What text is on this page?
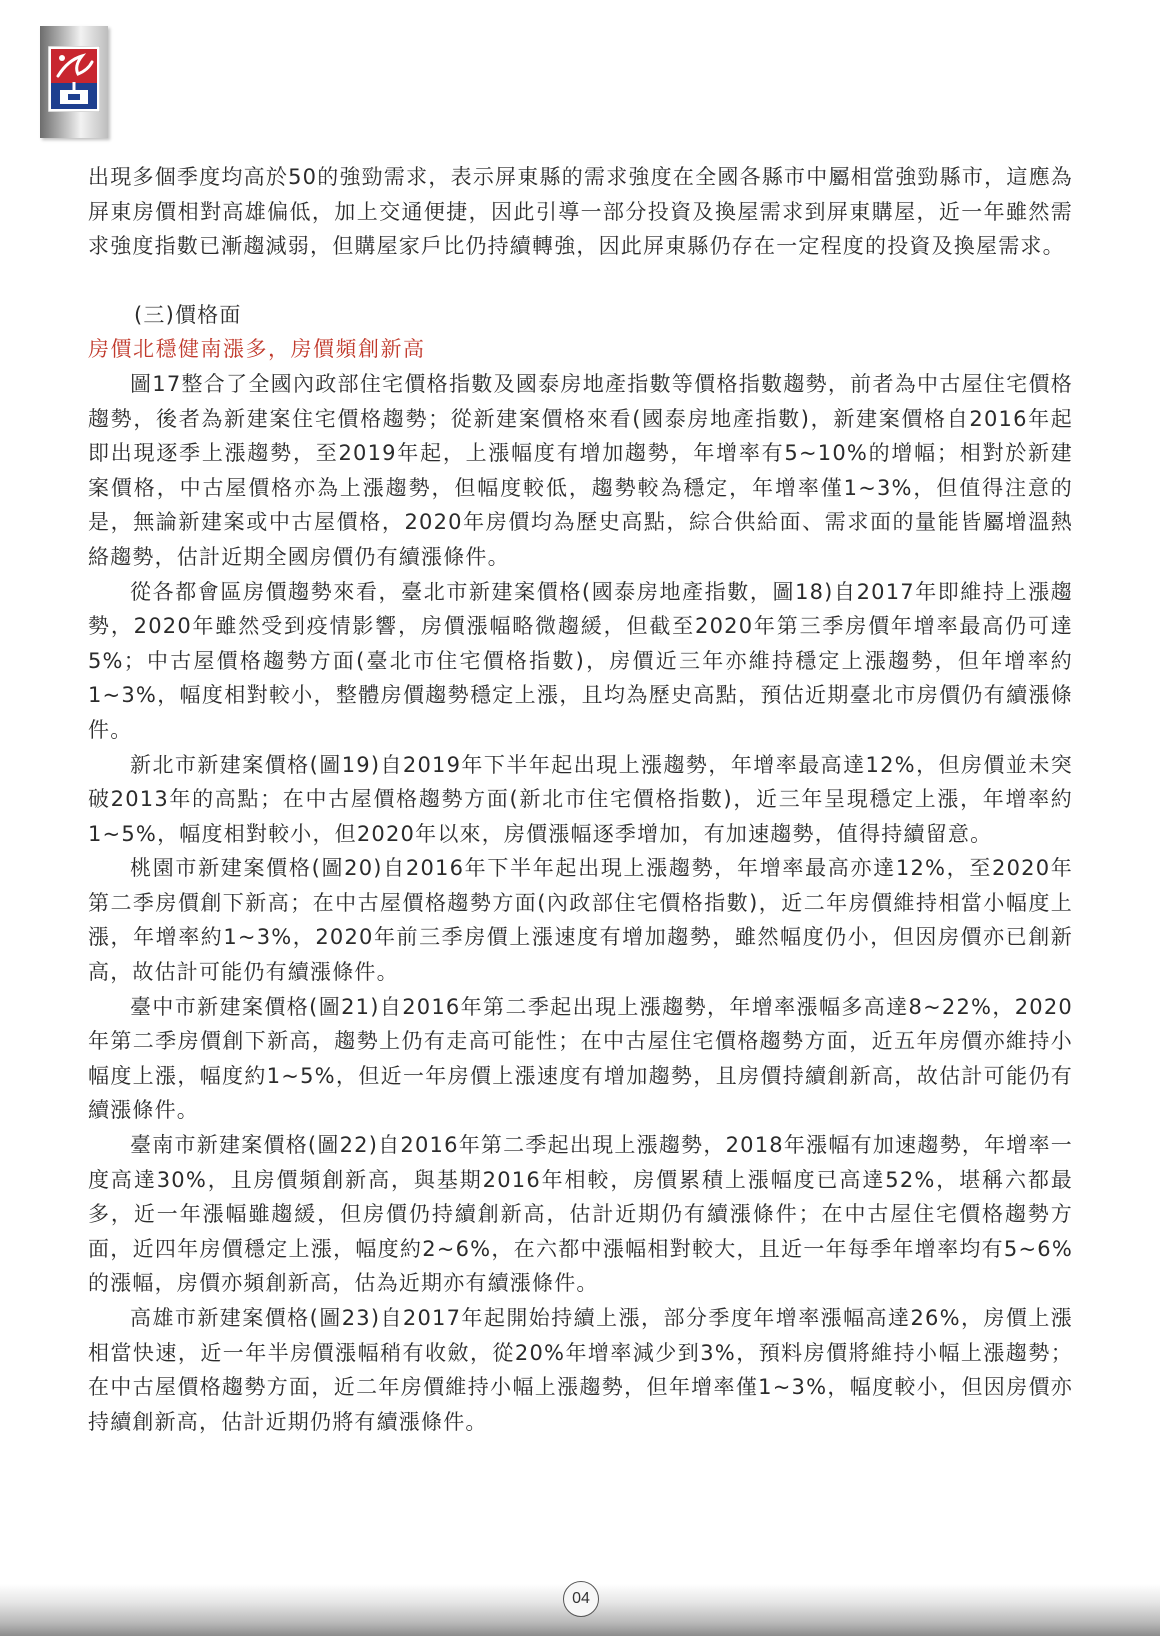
出現多個季度均高於50的強勁需求，表示屏東縣的需求強度在全國各縣市中屬相當強勁縣市，這應為屏東房價相對高雄偏低，加上交通便捷，因此引導一部分投資及換屋需求到屏東購屋，近一年雖然需求強度指數已漸趨減弱，但購屋家戶比仍持續轉強，因此屏東縣仍存在一定程度的投資及換屋需求。

(三)價格面

房價北穩健南漲多，房價頻創新高

圖17整合了全國內政部住宅價格指數及國泰房地產指數等價格指數趨勢，前者為中古屋住宅價格趨勢，後者為新建案住宅價格趨勢；從新建案價格來看(國泰房地產指數)，新建案價格自2016年起即出現逐季上漲趨勢，至2019年起，上漲幅度有增加趨勢，年增率有5~10%的增幅；相對於新建案價格，中古屋價格亦為上漲趨勢，但幅度較低，趨勢較為穩定，年增率僅1~3%，但值得注意的是，無論新建案或中古屋價格，2020年房價均為歷史高點，綜合供給面、需求面的量能皆屬增溫熱絡趨勢，估計近期全國房價仍有續漲條件。

從各都會區房價趨勢來看，臺北市新建案價格(國泰房地產指數，圖18)自2017年即維持上漲趨勢，2020年雖然受到疫情影響，房價漲幅略微趨緩，但截至2020年第三季房價年增率最高仍可達5%；中古屋價格趨勢方面(臺北市住宅價格指數)，房價近三年亦維持穩定上漲趨勢，但年增率約1~3%，幅度相對較小，整體房價趨勢穩定上漲，且均為歷史高點，預估近期臺北市房價仍有續漲條件。

新北市新建案價格(圖19)自2019年下半年起出現上漲趨勢，年增率最高達12%，但房價並未突破2013年的高點；在中古屋價格趨勢方面(新北市住宅價格指數)，近三年呈現穩定上漲，年增率約1~5%，幅度相對較小，但2020年以來，房價漲幅逐季增加，有加速趨勢，值得持續留意。

桃園市新建案價格(圖20)自2016年下半年起出現上漲趨勢，年增率最高亦達12%，至2020年第二季房價創下新高；在中古屋價格趨勢方面(內政部住宅價格指數)，近二年房價維持相當小幅度上漲，年增率約1~3%，2020年前三季房價上漲速度有增加趨勢，雖然幅度仍小，但因房價亦已創新高，故估計可能仍有續漲條件。

臺中市新建案價格(圖21)自2016年第二季起出現上漲趨勢，年增率漲幅多高達8~22%，2020年第二季房價創下新高，趨勢上仍有走高可能性；在中古屋住宅價格趨勢方面，近五年房價亦維持小幅度上漲，幅度約1~5%，但近一年房價上漲速度有增加趨勢，且房價持續創新高，故估計可能仍有續漲條件。

臺南市新建案價格(圖22)自2016年第二季起出現上漲趨勢，2018年漲幅有加速趨勢，年增率一度高達30%，且房價頻創新高，與基期2016年相較，房價累積上漲幅度已高達52%，堪稱六都最多，近一年漲幅雖趨緩，但房價仍持續創新高，估計近期仍有續漲條件；在中古屋住宅價格趨勢方面，近四年房價穩定上漲，幅度約2~6%，在六都中漲幅相對較大，且近一年每季年增率均有5~6%的漲幅，房價亦頻創新高，估為近期亦有續漲條件。

高雄市新建案價格(圖23)自2017年起開始持續上漲，部分季度年增率漲幅高達26%，房價上漲相當快速，近一年半房價漲幅稍有收斂，從20%年增率減少到3%，預料房價將維持小幅上漲趨勢；在中古屋價格趨勢方面，近二年房價維持小幅上漲趨勢，但年增率僅1~3%，幅度較小，但因房價亦持續創新高，估計近期仍將有續漲條件。

04
